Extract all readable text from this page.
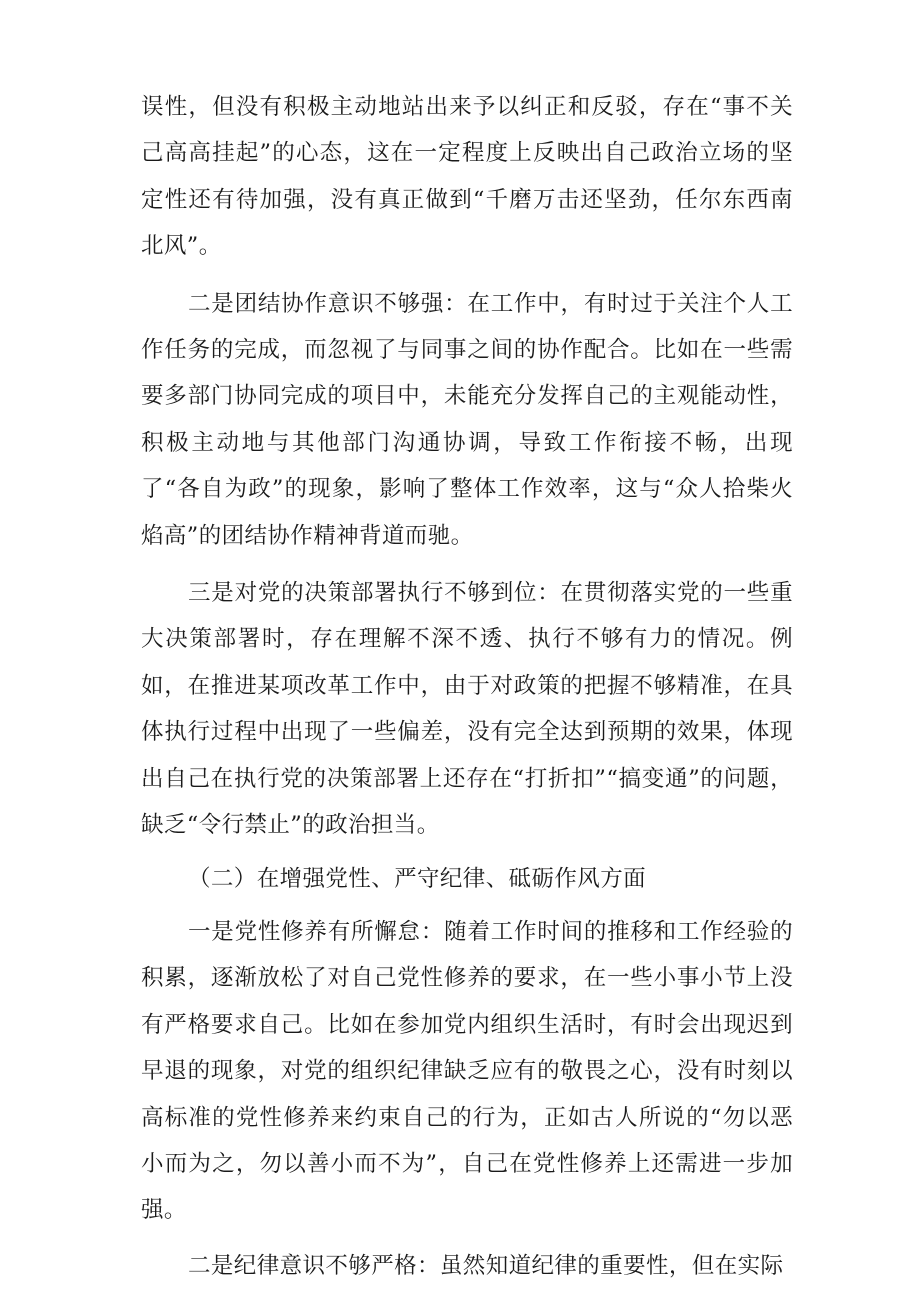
误性，但没有积极主动地站出来予以纠正和反驳，存在“事不关己高高挂起”的心态，这在一定程度上反映出自己政治立场的坚定性还有待加强，没有真正做到“千磨万击还坚劲，任尔东西南北风”。

二是团结协作意识不够强：在工作中，有时过于关注个人工作任务的完成，而忽视了与同事之间的协作配合。比如在一些需要多部门协同完成的项目中，未能充分发挥自己的主观能动性，积极主动地与其他部门沟通协调，导致工作衔接不畅，出现了“各自为政”的现象，影响了整体工作效率，这与“众人拾柴火焰高”的团结协作精神背道而驰。

三是对党的决策部署执行不够到位：在贯彻落实党的一些重大决策部署时，存在理解不深不透、执行不够有力的情况。例如，在推进某项改革工作中，由于对政策的把握不够精准，在具体执行过程中出现了一些偏差，没有完全达到预期的效果，体现出自己在执行党的决策部署上还存在“打折扣”“搞变通”的问题，缺乏“令行禁止”的政治担当。

（二）在增强党性、严守纪律、砥砺作风方面

一是党性修养有所懈怠：随着工作时间的推移和工作经验的积累，逐渐放松了对自己党性修养的要求，在一些小事小节上没有严格要求自己。比如在参加党内组织生活时，有时会出现迟到早退的现象，对党的组织纪律缺乏应有的敬畏之心，没有时刻以高标准的党性修养来约束自己的行为，正如古人所说的“勿以恶小而为之，勿以善小而不为”，自己在党性修养上还需进一步加强。

二是纪律意识不够严格：虽然知道纪律的重要性，但在实际
